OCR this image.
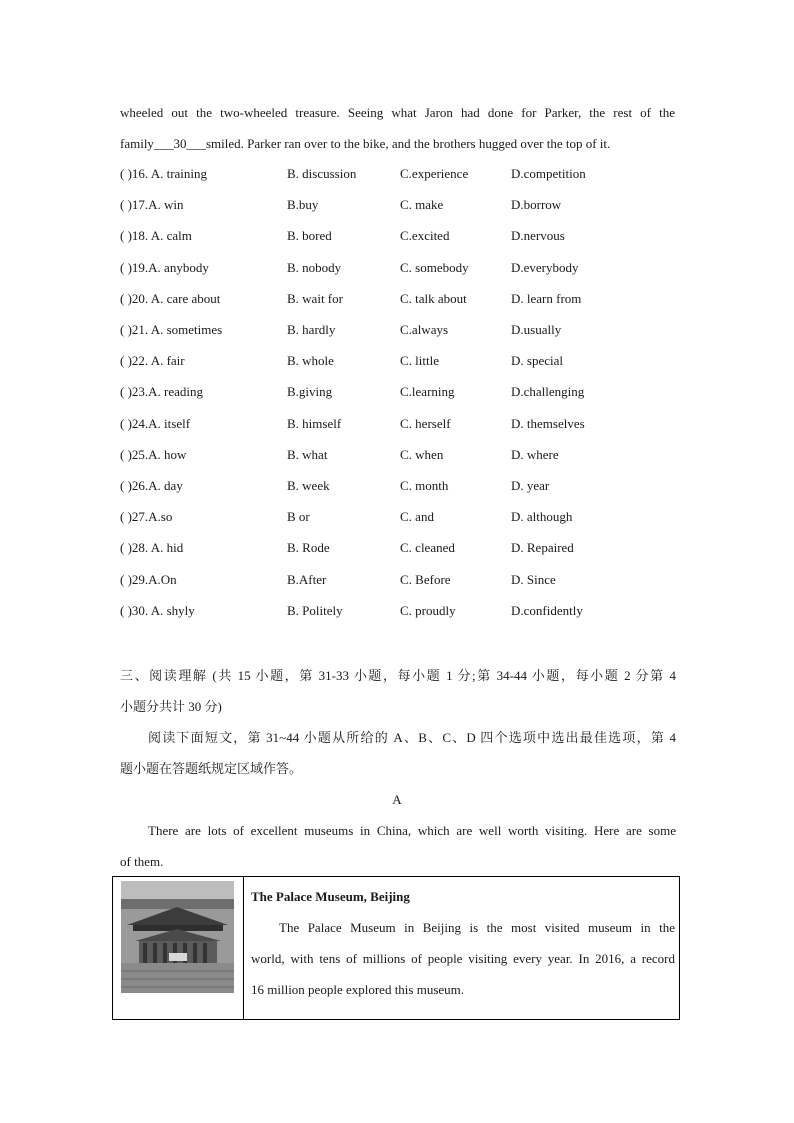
wheeled out the two-wheeled treasure. Seeing what Jaron had done for Parker, the rest of the
family___30___smiled. Parker ran over to the bike, and the brothers hugged over the top of it.
( )16. A. training	B. discussion	C.experience	D.competition
( )17.A. win	B.buy	C. make	D.borrow
( )18. A. calm	B. bored	C.excited	D.nervous
( )19.A. anybody	B. nobody	C. somebody	D.everybody
( )20. A. care about	B. wait for	C. talk about	D. learn from
( )21. A. sometimes	B. hardly	C.always	D.usually
( )22. A. fair	B. whole	C. little	D. special
( )23.A. reading	B.giving	C.learning	D.challenging
( )24.A. itself	B. himself	C. herself	D. themselves
( )25.A. how	B. what	C. when	D. where
( )26.A. day	B. week	C. month	D. year
( )27.A.so	B or	C. and	D. although
( )28. A. hid	B. Rode	C. cleaned	D. Repaired
( )29.A.On	B.After	C. Before	D. Since
( )30. A. shyly	B. Politely	C. proudly	D.confidently
三、阅读理解 (共 15 小题，第 31-33 小题，每小题 1 分;第 34-44 小题，每小题 2 分第 4
小题分共计 30 分)
阅读下面短文，第 31~44 小题从所给的 A、B、C、D 四个选项中选出最佳选项，第 4
题小题在答题纸规定区域作答。
A
There are lots of excellent museums in China, which are well worth visiting. Here are some
of them.
The Palace Museum, Beijing
The Palace Museum in Beijing is the most visited museum in the
world, with tens of millions of people visiting every year. In 2016, a record
16 million people explored this museum.
